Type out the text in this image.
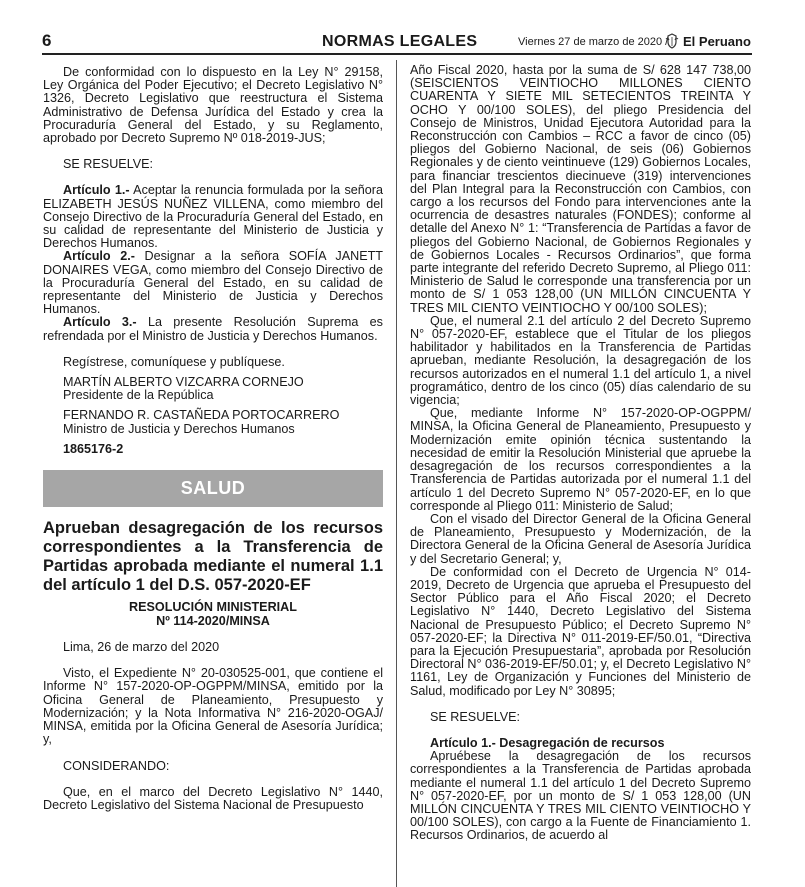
6	NORMAS LEGALES	Viernes 27 de marzo de 2020 / El Peruano

De conformidad con lo dispuesto en la Ley N° 29158, Ley Orgánica del Poder Ejecutivo; el Decreto Legislativo N° 1326, Decreto Legislativo que reestructura el Sistema Administrativo de Defensa Jurídica del Estado y crea la Procuraduría General del Estado, y su Reglamento, aprobado por Decreto Supremo Nº 018-2019-JUS;

SE RESUELVE:

Artículo 1.- Aceptar la renuncia formulada por la señora ELIZABETH JESÚS NUÑEZ VILLENA, como miembro del Consejo Directivo de la Procuraduría General del Estado, en su calidad de representante del Ministerio de Justicia y Derechos Humanos.

Artículo 2.- Designar a la señora SOFÍA JANETT DONAIRES VEGA, como miembro del Consejo Directivo de la Procuraduría General del Estado, en su calidad de representante del Ministerio de Justicia y Derechos Humanos.

Artículo 3.- La presente Resolución Suprema es refrendada por el Ministro de Justicia y Derechos Humanos.

Regístrese, comuníquese y publíquese.

MARTÍN ALBERTO VIZCARRA CORNEJO

Presidente de la República

FERNANDO R. CASTAÑEDA PORTOCARRERO

Ministro de Justicia y Derechos Humanos

1865176-2

SALUD
Aprueban desagregación de los recursos correspondientes a la Transferencia de Partidas aprobada mediante el numeral 1.1 del artículo 1 del D.S. 057-2020-EF
RESOLUCIÓN MINISTERIAL
Nº 114-2020/MINSA

Lima, 26 de marzo del 2020

Visto, el Expediente N° 20-030525-001, que contiene el Informe N° 157-2020-OP-OGPPM/MINSA, emitido por la Oficina General de Planeamiento, Presupuesto y Modernización; y la Nota Informativa N° 216-2020-OGAJ/ MINSA, emitida por la Oficina General de Asesoría Jurídica; y,

CONSIDERANDO:

Que, en el marco del Decreto Legislativo N° 1440, Decreto Legislativo del Sistema Nacional de Presupuesto

Año Fiscal 2020, hasta por la suma de S/ 628 147 738,00 (SEISCIENTOS VEINTIOCHO MILLONES CIENTO CUARENTA Y SIETE MIL SETECIENTOS TREINTA Y OCHO Y 00/100 SOLES), del pliego Presidencia del Consejo de Ministros, Unidad Ejecutora Autoridad para la Reconstrucción con Cambios – RCC a favor de cinco (05) pliegos del Gobierno Nacional, de seis (06) Gobiernos Regionales y de ciento veintinueve (129) Gobiernos Locales, para financiar trescientos diecinueve (319) intervenciones del Plan Integral para la Reconstrucción con Cambios, con cargo a los recursos del Fondo para intervenciones ante la ocurrencia de desastres naturales (FONDES); conforme al detalle del Anexo N° 1: “Transferencia de Partidas a favor de pliegos del Gobierno Nacional, de Gobiernos Regionales y de Gobiernos Locales - Recursos Ordinarios”, que forma parte integrante del referido Decreto Supremo, al Pliego 011: Ministerio de Salud le corresponde una transferencia por un monto de S/ 1 053 128,00 (UN MILLÓN CINCUENTA Y TRES MIL CIENTO VEINTIOCHO Y 00/100 SOLES);

Que, el numeral 2.1 del artículo 2 del Decreto Supremo N° 057-2020-EF, establece que el Titular de los pliegos habilitador y habilitados en la Transferencia de Partidas aprueban, mediante Resolución, la desagregación de los recursos autorizados en el numeral 1.1 del artículo 1, a nivel programático, dentro de los cinco (05) días calendario de su vigencia;

Que, mediante Informe N° 157-2020-OP-OGPPM/ MINSA, la Oficina General de Planeamiento, Presupuesto y Modernización emite opinión técnica sustentando la necesidad de emitir la Resolución Ministerial que apruebe la desagregación de los recursos correspondientes a la Transferencia de Partidas autorizada por el numeral 1.1 del artículo 1 del Decreto Supremo N° 057-2020-EF, en lo que corresponde al Pliego 011: Ministerio de Salud;

Con el visado del Director General de la Oficina General de Planeamiento, Presupuesto y Modernización, de la Directora General de la Oficina General de Asesoría Jurídica y del Secretario General; y,

De conformidad con el Decreto de Urgencia N° 014-2019, Decreto de Urgencia que aprueba el Presupuesto del Sector Público para el Año Fiscal 2020; el Decreto Legislativo N° 1440, Decreto Legislativo del Sistema Nacional de Presupuesto Público; el Decreto Supremo N° 057-2020-EF; la Directiva N° 011-2019-EF/50.01, “Directiva para la Ejecución Presupuestaria”, aprobada por Resolución Directoral N° 036-2019-EF/50.01; y, el Decreto Legislativo N° 1161, Ley de Organización y Funciones del Ministerio de Salud, modificado por Ley N° 30895;

SE RESUELVE:

Artículo 1.- Desagregación de recursos

Apruébese la desagregación de los recursos correspondientes a la Transferencia de Partidas aprobada mediante el numeral 1.1 del artículo 1 del Decreto Supremo N° 057-2020-EF, por un monto de S/ 1 053 128,00 (UN MILLÓN CINCUENTA Y TRES MIL CIENTO VEINTIOCHO Y 00/100 SOLES), con cargo a la Fuente de Financiamiento 1. Recursos Ordinarios, de acuerdo al
